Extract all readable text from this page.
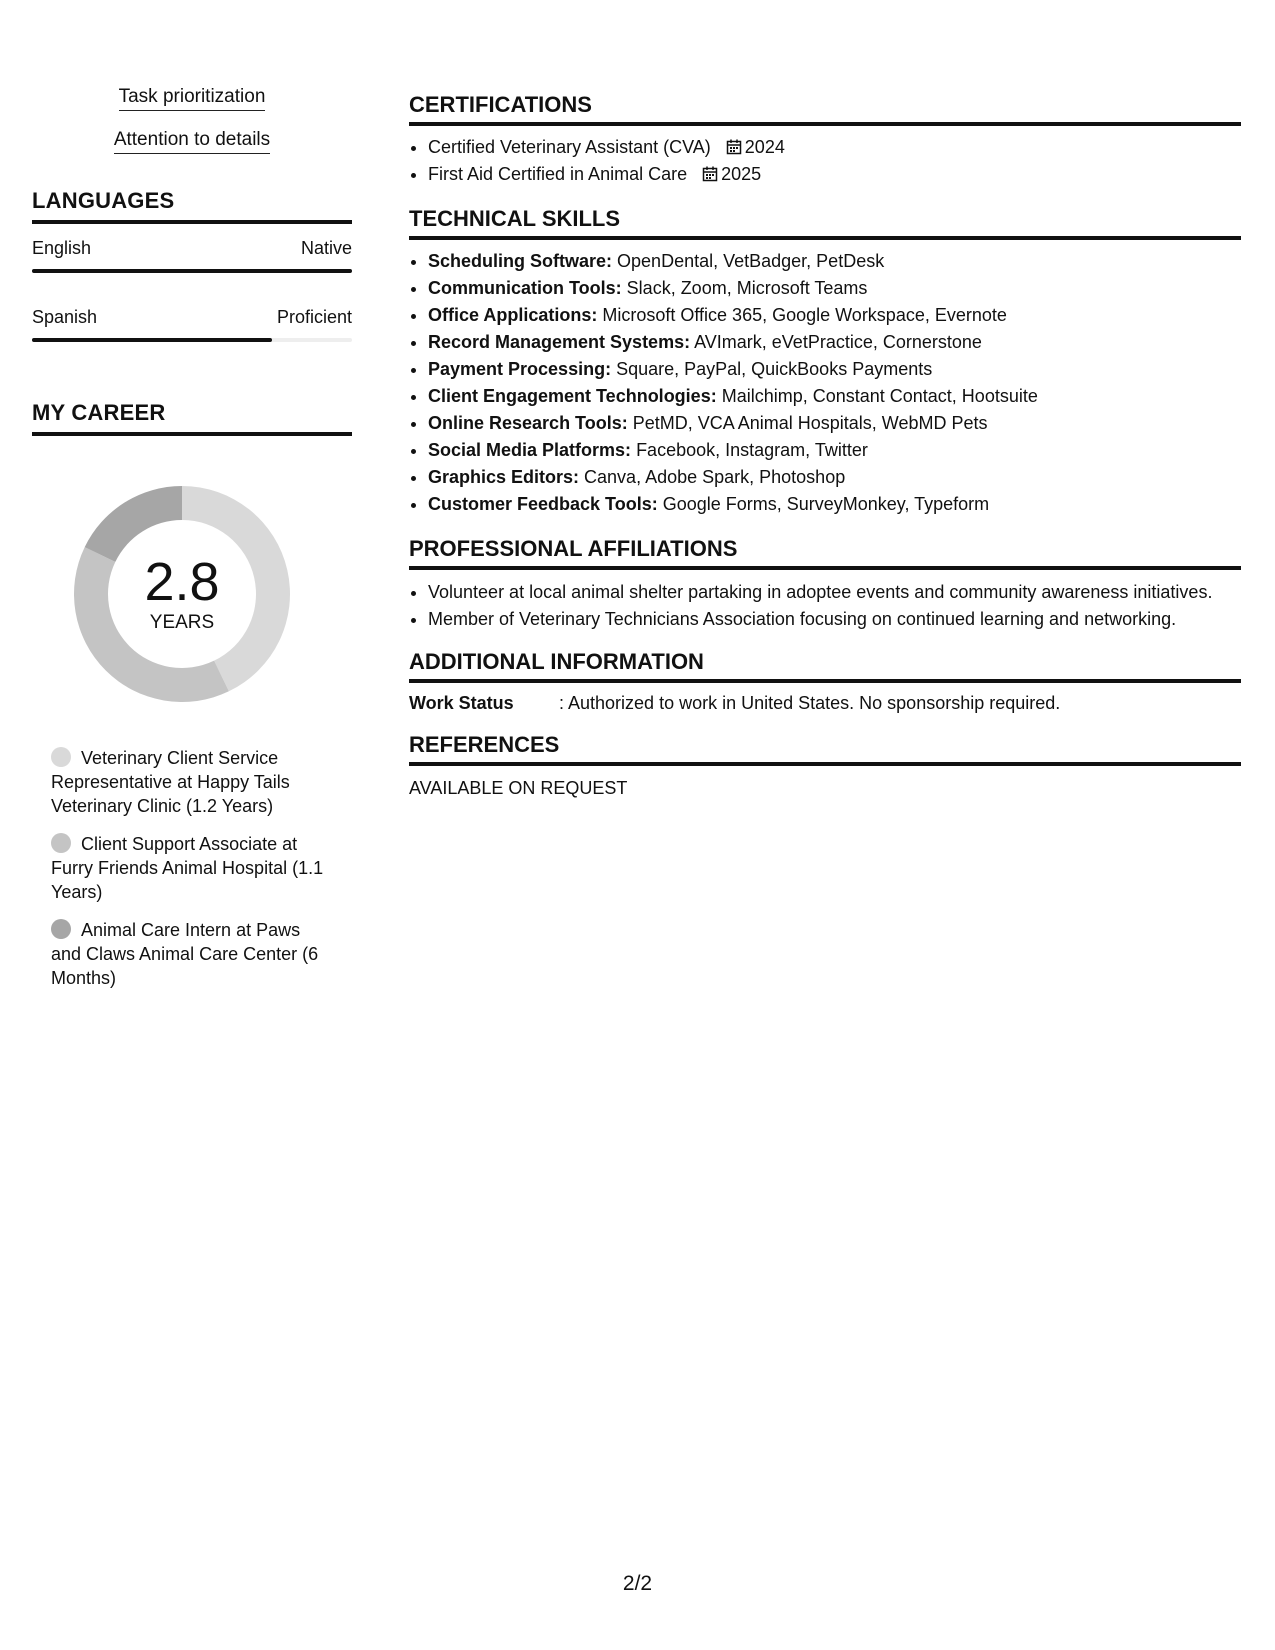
Task prioritization
Attention to details
LANGUAGES
English	Native
Spanish	Proficient
MY CAREER
2.8
YEARS
Veterinary Client Service Representative at Happy Tails Veterinary Clinic (1.2 Years)
Client Support Associate at Furry Friends Animal Hospital (1.1 Years)
Animal Care Intern at Paws and Claws Animal Care Center (6 Months)
CERTIFICATIONS
• Certified Veterinary Assistant (CVA) 2024
• First Aid Certified in Animal Care 2025
TECHNICAL SKILLS
• Scheduling Software: OpenDental, VetBadger, PetDesk
• Communication Tools: Slack, Zoom, Microsoft Teams
• Office Applications: Microsoft Office 365, Google Workspace, Evernote
• Record Management Systems: AVImark, eVetPractice, Cornerstone
• Payment Processing: Square, PayPal, QuickBooks Payments
• Client Engagement Technologies: Mailchimp, Constant Contact, Hootsuite
• Online Research Tools: PetMD, VCA Animal Hospitals, WebMD Pets
• Social Media Platforms: Facebook, Instagram, Twitter
• Graphics Editors: Canva, Adobe Spark, Photoshop
• Customer Feedback Tools: Google Forms, SurveyMonkey, Typeform
PROFESSIONAL AFFILIATIONS
• Volunteer at local animal shelter partaking in adoptee events and community awareness initiatives.
• Member of Veterinary Technicians Association focusing on continued learning and networking.
ADDITIONAL INFORMATION
Work Status	: Authorized to work in United States. No sponsorship required.
REFERENCES
AVAILABLE ON REQUEST
2/2
